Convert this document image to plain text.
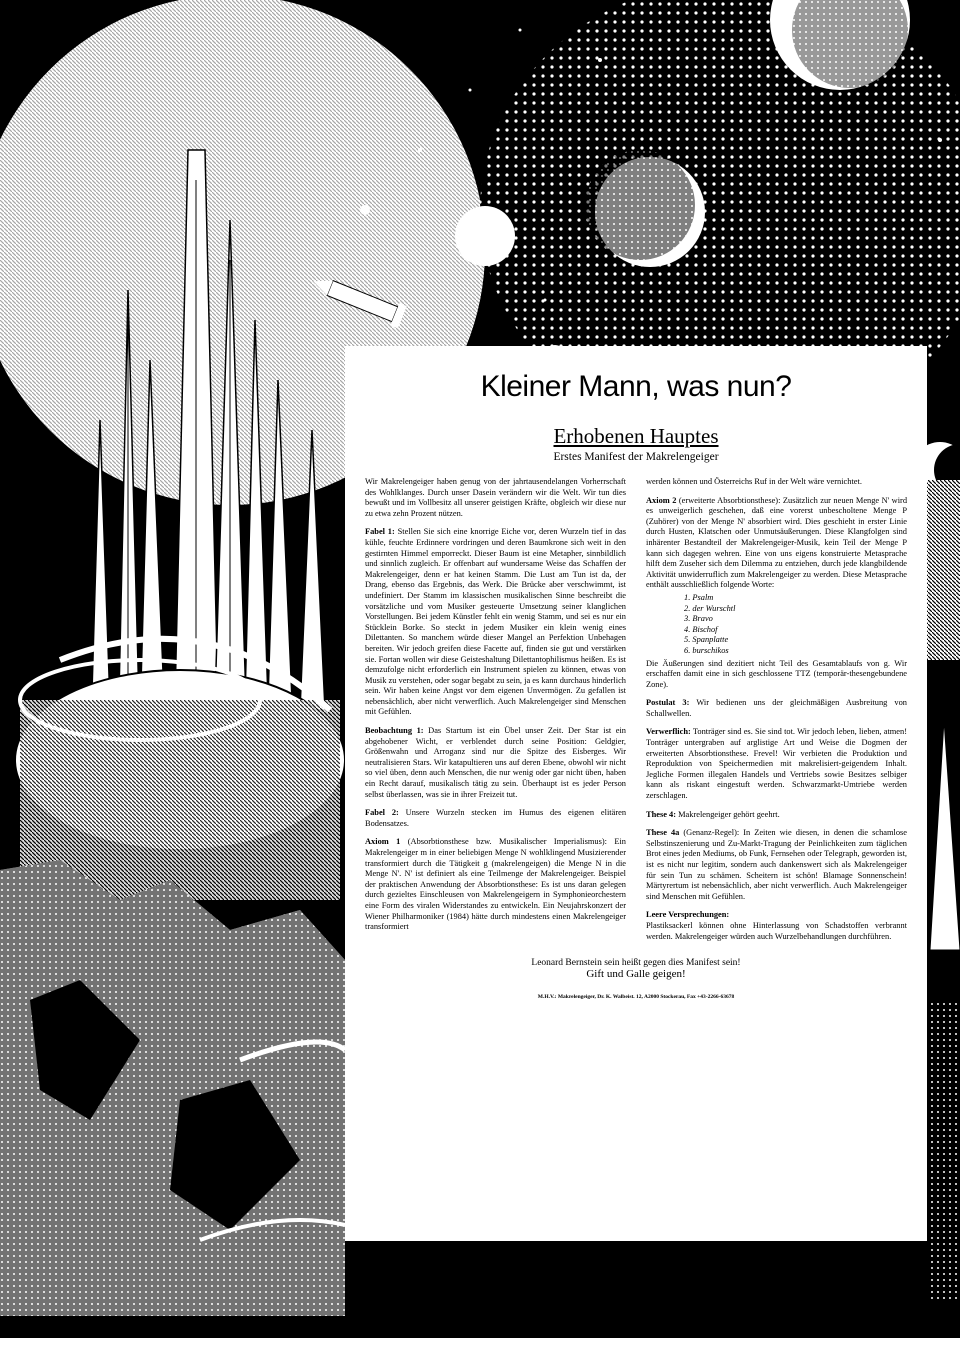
Kleiner Mann, was nun?
Erhobenen Hauptes
Erstes Manifest der Makrelengeiger

Wir Makrelengeiger haben genug von der jahrtausendelangen Vorherrschaft des Wohlklanges. Durch unser Dasein verändern wir die Welt. Wir tun dies bewußt und im Vollbesitz all unserer geistigen Kräfte, obgleich wir diese nur zu etwa zehn Prozent nützen.

Fabel 1: Stellen Sie sich eine knorrige Eiche vor, deren Wurzeln tief in das kühle, feuchte Erdinnere vordringen und deren Baumkrone sich weit in den gestirnten Himmel emporreckt. Dieser Baum ist eine Metapher, sinnbildlich und sinnlich zugleich. Er offenbart auf wundersame Weise das Schaffen der Makrelengeiger, denn er hat keinen Stamm. Die Lust am Tun ist da, der Drang, ebenso das Ergebnis, das Werk. Die Brücke aber verschwimmt, ist undefiniert. Der Stamm im klassischen musikalischen Sinne beschreibt die vorsätzliche und vom Musiker gesteuerte Umsetzung seiner klanglichen Vorstellungen. Bei jedem Künstler fehlt ein wenig Stamm, und sei es nur ein Stücklein Borke. So steckt in jedem Musiker ein klein wenig eines Dilettanten. So manchem würde dieser Mangel an Perfektion Unbehagen bereiten. Wir jedoch greifen diese Facette auf, finden sie gut und verstärken sie. Fortan wollen wir diese Geisteshaltung Dilettantophilismus heißen. Es ist demzufolge nicht erforderlich ein Instrument spielen zu können, etwas von Musik zu verstehen, oder sogar begabt zu sein, ja es kann durchaus hinderlich sein. Wir haben keine Angst vor dem eigenen Unvermögen. Zu gefallen ist nebensächlich, aber nicht verwerflich. Auch Makrelengeiger sind Menschen mit Gefühlen.

Beobachtung 1: Das Startum ist ein Übel unser Zeit. Der Star ist ein abgehobener Wicht, er verblendet durch seine Position: Geldgier, Größenwahn und Arroganz sind nur die Spitze des Eisberges. Wir neutralisieren Stars. Wir katapultieren uns auf deren Ebene, obwohl wir nicht so viel üben, denn auch Menschen, die nur wenig oder gar nicht üben, haben ein Recht darauf, musikalisch tätig zu sein. Überhaupt ist es jeder Person selbst überlassen, was sie in ihrer Freizeit tut.

Fabel 2: Unsere Wurzeln stecken im Humus des eigenen elitären Bodensatzes.

Axiom 1 (Absorbtionsthese bzw. Musikalischer Imperialismus): Ein Makrelengeiger m in einer beliebigen Menge N wohlklingend Musizierender transformiert durch die Tätigkeit g (makrelengeigen) die Menge N in die Menge N'. N' ist definiert als eine Teilmenge der Makrelengeiger. Beispiel der praktischen Anwendung der Absorbtionsthese: Es ist uns daran gelegen durch gezieltes Einschleusen von Makrelengeigern in Symphonieorchestern eine Form des viralen Widerstandes zu entwickeln. Ein Neujahrskonzert der Wiener Philharmoniker (1984) hätte durch mindestens einen Makrelengeiger transformiert

werden können und Österreichs Ruf in der Welt wäre vernichtet.

Axiom 2 (erweiterte Absorbtionsthese): Zusätzlich zur neuen Menge N' wird es unweigerlich geschehen, daß eine vorerst unbescholtene Menge P (Zuhörer) von der Menge N' absorbiert wird. Dies geschieht in erster Linie durch Husten, Klatschen oder Unmutsäußerungen. Diese Klangfolgen sind inhärenter Bestandteil der Makrelengeiger-Musik, kein Teil der Menge P kann sich dagegen wehren. Eine von uns eigens konstruierte Metasprache hilft dem Zuseher sich dem Dilemma zu entziehen, durch jede klangbildende Aktivität unwiderruflich zum Makrelengeiger zu werden. Diese Metasprache enthält ausschließlich folgende Worte:

1. Psalm
2. der Wurschtl
3. Bravo
4. Bischof
5. Spanplatte
6. burschikos

Die Äußerungen sind dezitiert nicht Teil des Gesamtablaufs von g. Wir erschaffen damit eine in sich geschlossene TTZ (temporär-thesengebundene Zone).

Postulat 3: Wir bedienen uns der gleichmäßigen Ausbreitung von Schallwellen.

Verwerflich: Tonträger sind es. Sie sind tot. Wir jedoch leben, lieben, atmen! Tonträger untergraben auf arglistige Art und Weise die Dogmen der erweiterten Absorbtionsthese. Frevel! Wir verbieten die Produktion und Reproduktion von Speichermedien mit makrelisiert-geigendem Inhalt. Jegliche Formen illegalen Handels und Vertriebs sowie Besitzes selbiger kann als riskant eingestuft werden. Schwarzmarkt-Umtriebe werden zerschlagen.

These 4: Makrelengeiger gehört geehrt.

These 4a (Genanz-Regel): In Zeiten wie diesen, in denen die schamlose Selbstinszenierung und Zu-Markt-Tragung der Peinlichkeiten zum täglichen Brot eines jeden Mediums, ob Funk, Fernsehen oder Telegraph, geworden ist, ist es nicht nur legitim, sondern auch dankenswert sich als Makrelengeiger für sein Tun zu schämen. Scheitern ist schön! Blamage Sonnenschein! Märtyrertum ist nebensächlich, aber nicht verwerflich. Auch Makrelengeiger sind Menschen mit Gefühlen.

Leere Versprechungen:
Plastiksackerl können ohne Hinterlassung von Schadstoffen verbrannt werden. Makrelengeiger würden auch Wurzelbehandlungen durchführen.

Leonard Bernstein sein heißt gegen dies Manifest sein!
Gift und Galle geigen!
M.H.V.: Makrelengeiger, Dr. K. Walbeist. 12, A2000 Stockerau, Fax +43-2266-63678
